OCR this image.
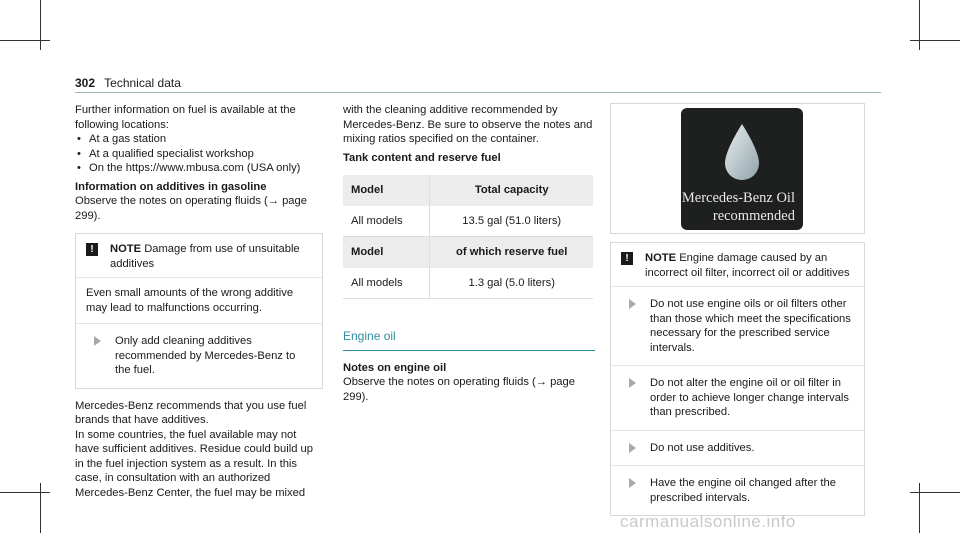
302 Technical data

Further information on fuel is available at the following locations:

• At a gas station
• At a qualified specialist workshop
• On the https://www.mbusa.com (USA only)

Information on additives in gasoline

Observe the notes on operating fluids (→ page 299).

!	NOTE Damage from use of unsuitable additives
Even small amounts of the wrong additive may lead to malfunctions occurring.
Only add cleaning additives recommended by Mercedes-Benz to the fuel.

Mercedes-Benz recommends that you use fuel brands that have additives.

In some countries, the fuel available may not have sufficient additives. Residue could build up in the fuel injection system as a result. In this case, in consultation with an authorized Mercedes-Benz Center, the fuel may be mixed

with the cleaning additive recommended by Mercedes-Benz. Be sure to observe the notes and mixing ratios specified on the container.

Tank content and reserve fuel

Model	Total capacity
All models	13.5 gal (51.0 liters)
Model	of which reserve fuel
All models	1.3 gal (5.0 liters)
Engine oil

Notes on engine oil

Observe the notes on operating fluids (→ page 299).

Mercedes-Benz Oil
recommended
!	NOTE Engine damage caused by an incorrect oil filter, incorrect oil or additives
Do not use engine oils or oil filters other than those which meet the specifications necessary for the prescribed service intervals.
Do not alter the engine oil or oil filter in order to achieve longer change intervals than prescribed.
Do not use additives.
Have the engine oil changed after the prescribed intervals.
carmanualsonline.info
